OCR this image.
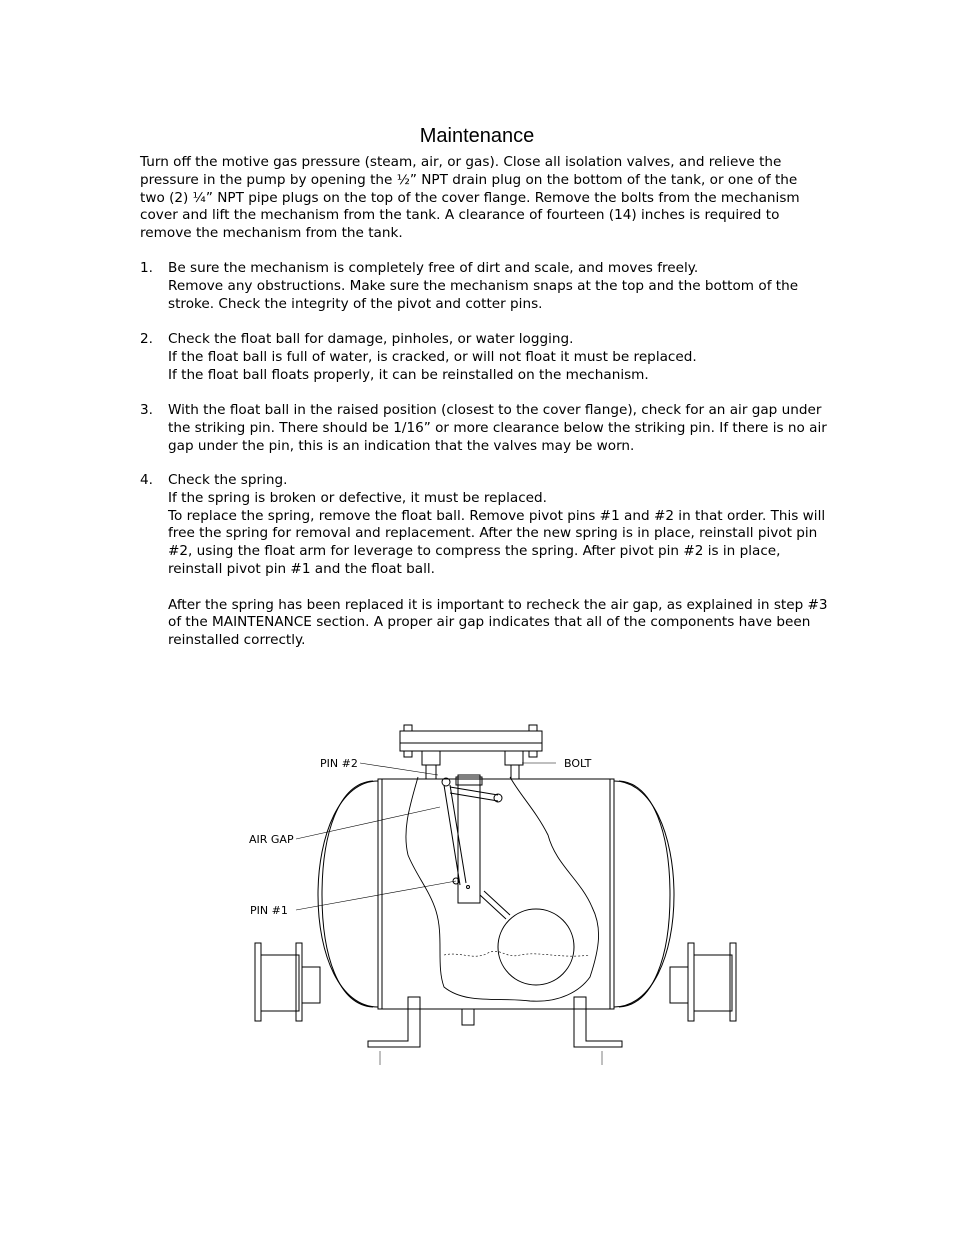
Maintenance

Turn off the motive gas pressure (steam, air, or gas). Close all isolation valves, and relieve the pressure in the pump by opening the ½” NPT drain plug on the bottom of the tank, or one of the two (2) ¼” NPT pipe plugs on the top of the cover flange. Remove the bolts from the mechanism cover and lift the mechanism from the tank. A clearance of fourteen (14) inches is required to remove the mechanism from the tank.

1. Be sure the mechanism is completely free of dirt and scale, and moves freely.
Remove any obstructions. Make sure the mechanism snaps at the top and the bottom of the stroke. Check the integrity of the pivot and cotter pins.
2. Check the float ball for damage, pinholes, or water logging.
If the float ball is full of water, is cracked, or will not float it must be replaced.
If the float ball floats properly, it can be reinstalled on the mechanism.
3. With the float ball in the raised position (closest to the cover flange), check for an air gap under the striking pin. There should be 1/16” or more clearance below the striking pin. If there is no air gap under the pin, this is an indication that the valves may be worn.
4. Check the spring.
If the spring is broken or defective, it must be replaced.
To replace the spring, remove the float ball. Remove pivot pins #1 and #2 in that order. This will free the spring for removal and replacement. After the new spring is in place, reinstall pivot pin #2, using the float arm for leverage to compress the spring. After pivot pin #2 is in place, reinstall pivot pin #1 and the float ball.
After the spring has been replaced it is important to recheck the air gap, as explained in step #3 of the MAINTENANCE section. A proper air gap indicates that all of the components have been reinstalled correctly.
PIN #2	BOLT
AIR GAP
PIN #1
